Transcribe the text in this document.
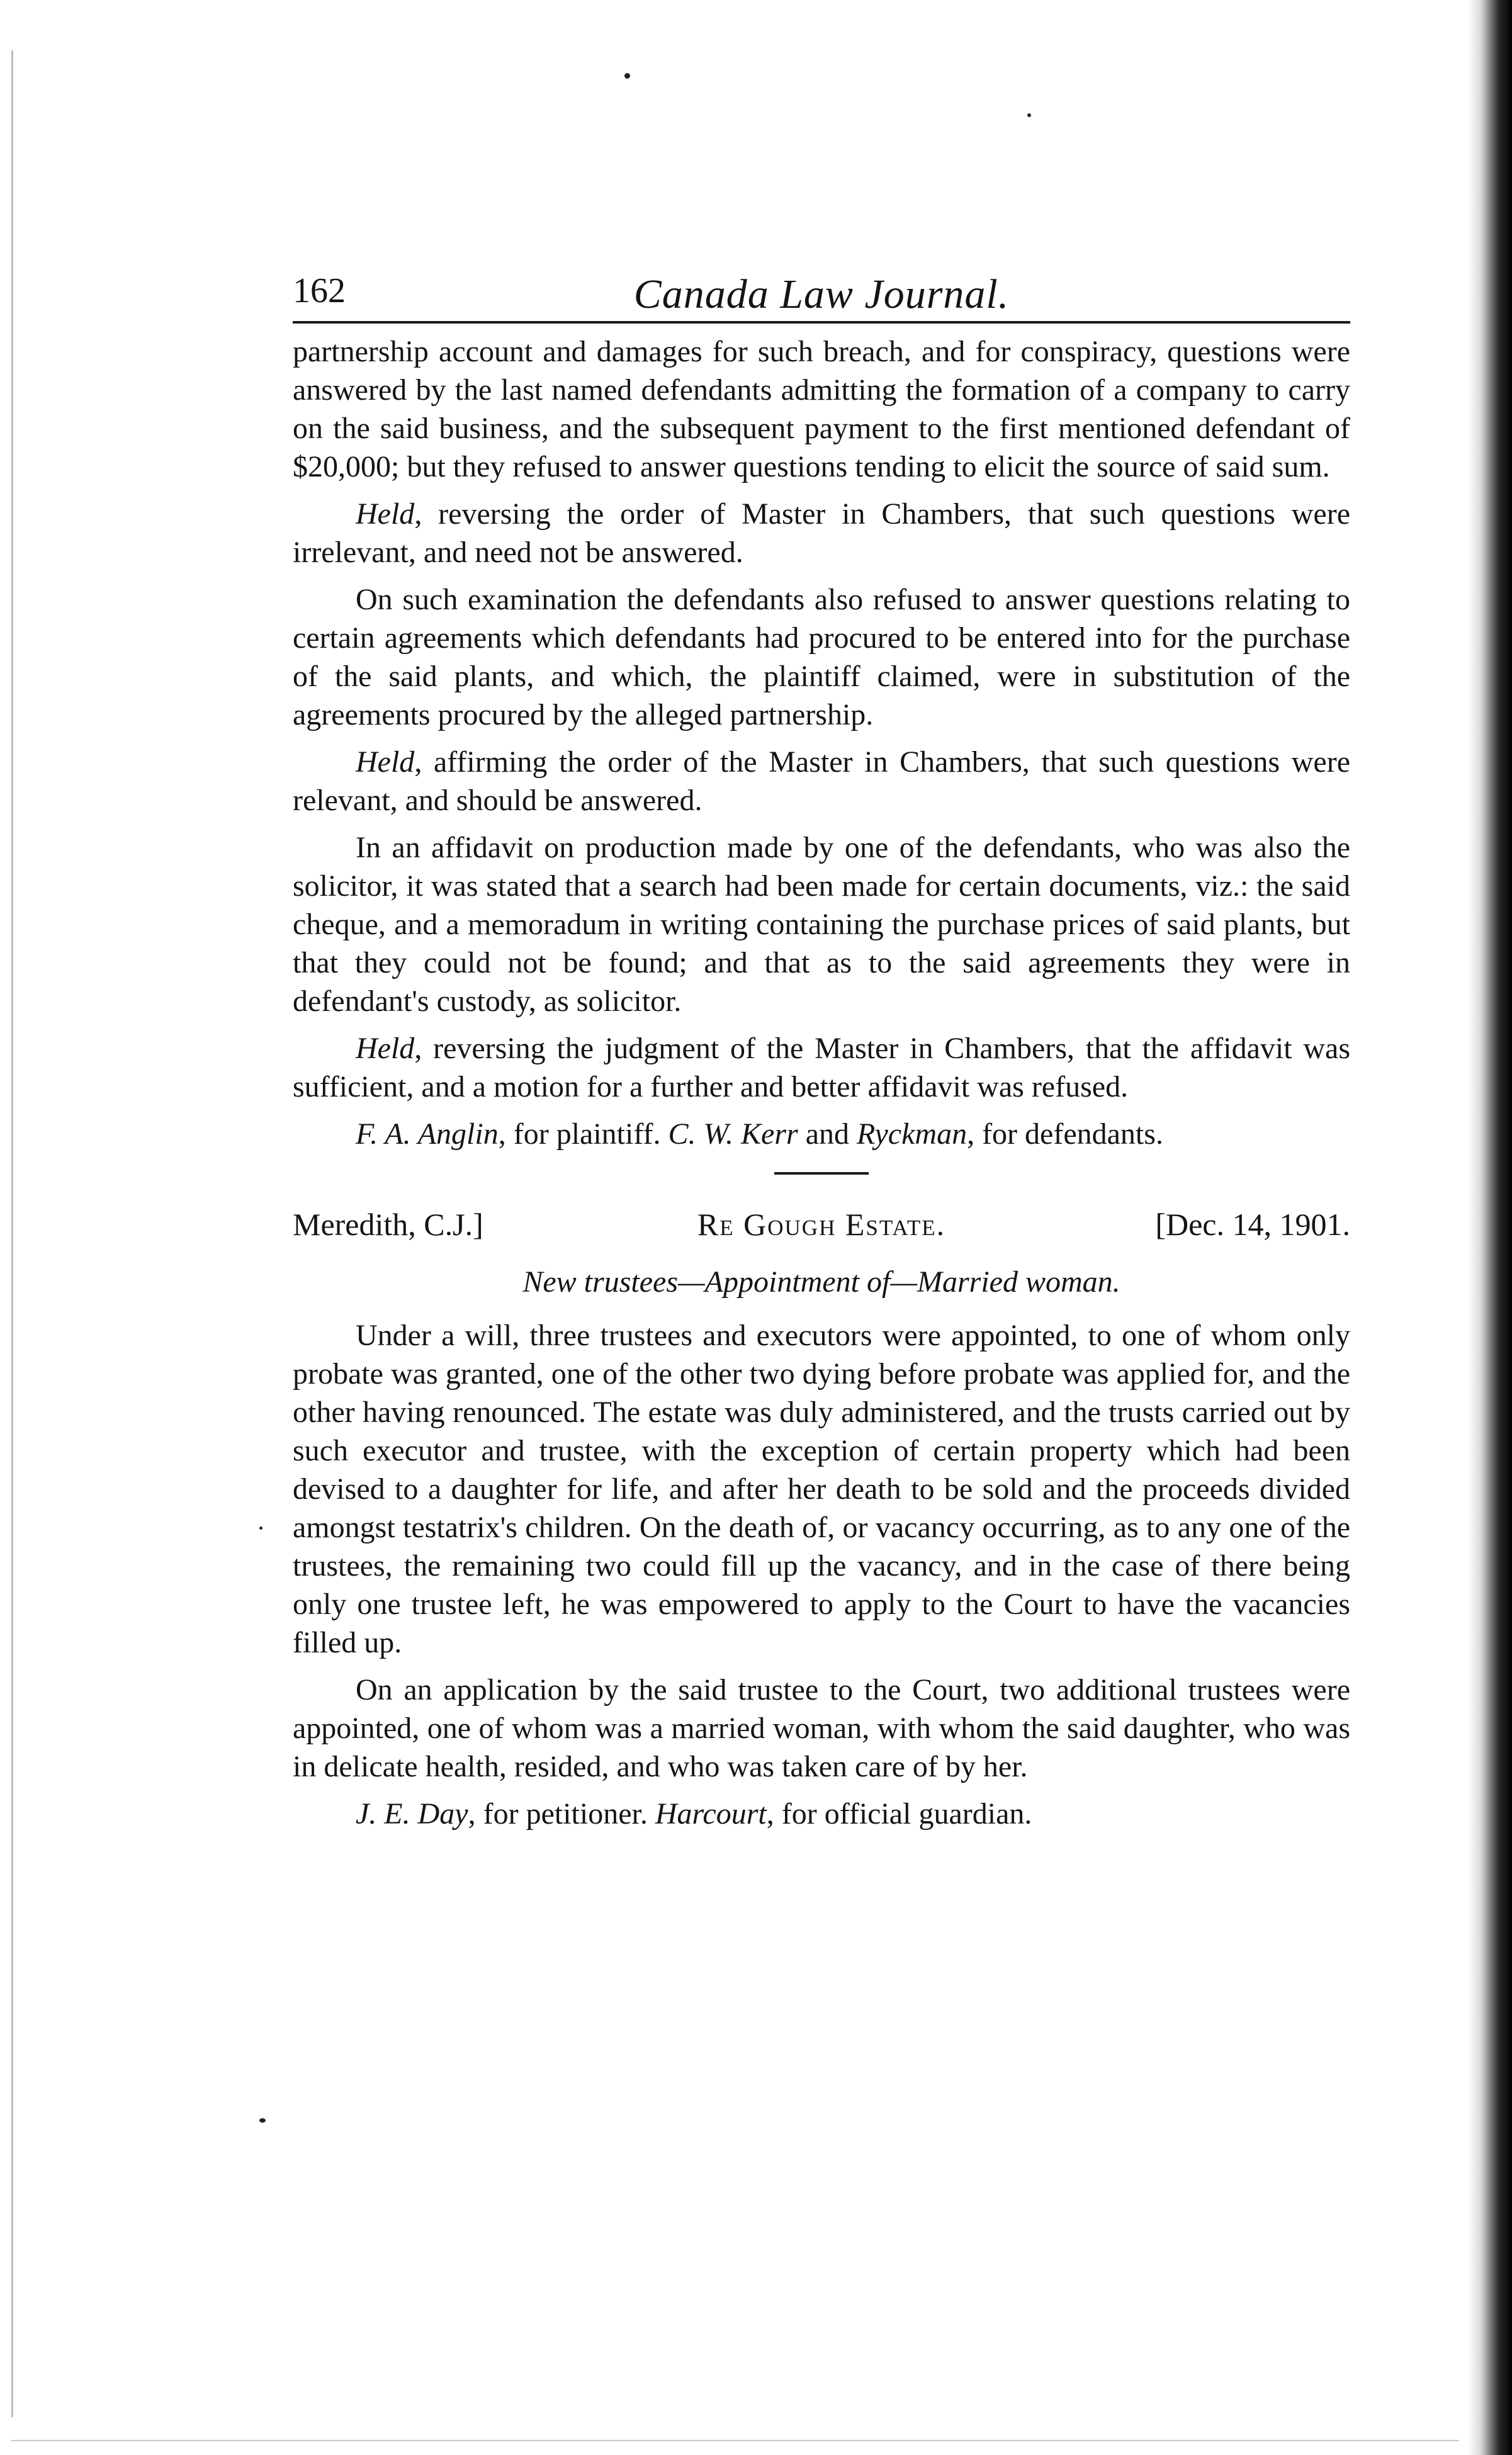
162	Canada Law Journal.

partnership account and damages for such breach, and for conspiracy, questions were answered by the last named defendants admitting the formation of a company to carry on the said business, and the subsequent payment to the first mentioned defendant of $20,000; but they refused to answer questions tending to elicit the source of said sum.

Held, reversing the order of Master in Chambers, that such questions were irrelevant, and need not be answered.

On such examination the defendants also refused to answer questions relating to certain agreements which defendants had procured to be entered into for the purchase of the said plants, and which, the plaintiff claimed, were in substitution of the agreements procured by the alleged partnership.

Held, affirming the order of the Master in Chambers, that such questions were relevant, and should be answered.

In an affidavit on production made by one of the defendants, who was also the solicitor, it was stated that a search had been made for certain documents, viz.: the said cheque, and a memoradum in writing containing the purchase prices of said plants, but that they could not be found; and that as to the said agreements they were in defendant's custody, as solicitor.

Held, reversing the judgment of the Master in Chambers, that the affidavit was sufficient, and a motion for a further and better affidavit was refused.

F. A. Anglin, for plaintiff. C. W. Kerr and Ryckman, for defendants.

Meredith, C.J.]	Re Gough Estate.	[Dec. 14, 1901.
New trustees—Appointment of—Married woman.

Under a will, three trustees and executors were appointed, to one of whom only probate was granted, one of the other two dying before probate was applied for, and the other having renounced. The estate was duly administered, and the trusts carried out by such executor and trustee, with the exception of certain property which had been devised to a daughter for life, and after her death to be sold and the proceeds divided amongst testatrix's children. On the death of, or vacancy occurring, as to any one of the trustees, the remaining two could fill up the vacancy, and in the case of there being only one trustee left, he was empowered to apply to the Court to have the vacancies filled up.

On an application by the said trustee to the Court, two additional trustees were appointed, one of whom was a married woman, with whom the said daughter, who was in delicate health, resided, and who was taken care of by her.

J. E. Day, for petitioner. Harcourt, for official guardian.
